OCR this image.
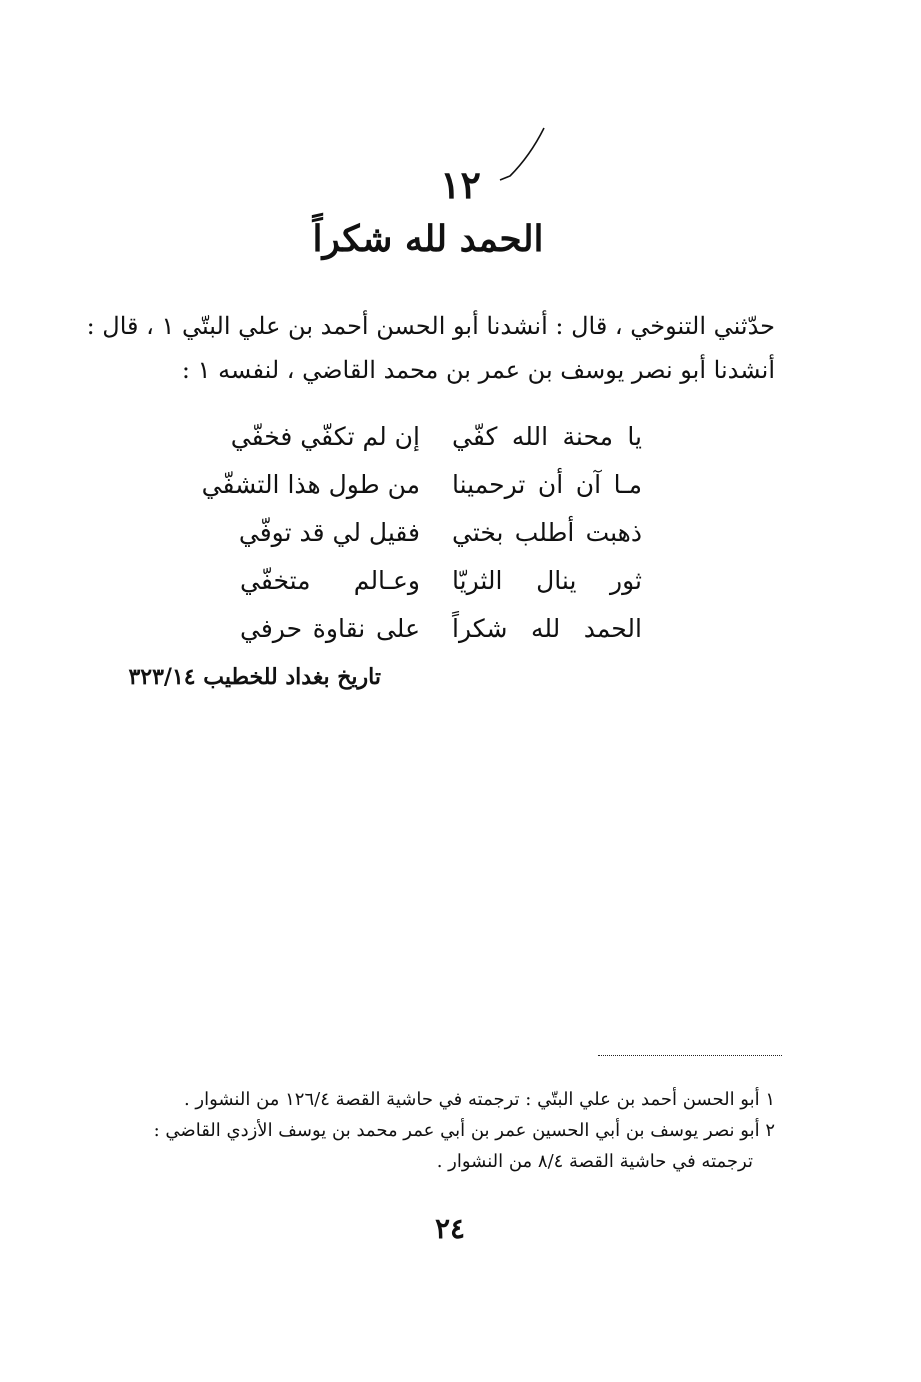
١٢
الحمد لله شكراً
حدّثني التنوخي ، قال : أنشدنا أبو الحسن أحمد بن علي البتّي ١ ، قال :
أنشدنا أبو نصر يوسف بن عمر بن محمد القاضي ، لنفسه ١ :
يا محنة الله كفّي
إن لم تكفّي فخفّي
مـا آن أن ترحمينا
من طول هذا التشفّي
ذهبت أطلب بختي
فقيل لي قد توفّي
ثور ينال الثريّا
وعـالم متخفّي
الحمد لله شكراً
على نقاوة حرفي
تاريخ بغداد للخطيب ٣٢٣/١٤
١ أبو الحسن أحمد بن علي البتّي : ترجمته في حاشية القصة ١٢٦/٤ من النشوار .
٢ أبو نصر يوسف بن أبي الحسين عمر بن أبي عمر محمد بن يوسف الأزدي القاضي :
ترجمته في حاشية القصة ٨/٤ من النشوار .
٢٤
